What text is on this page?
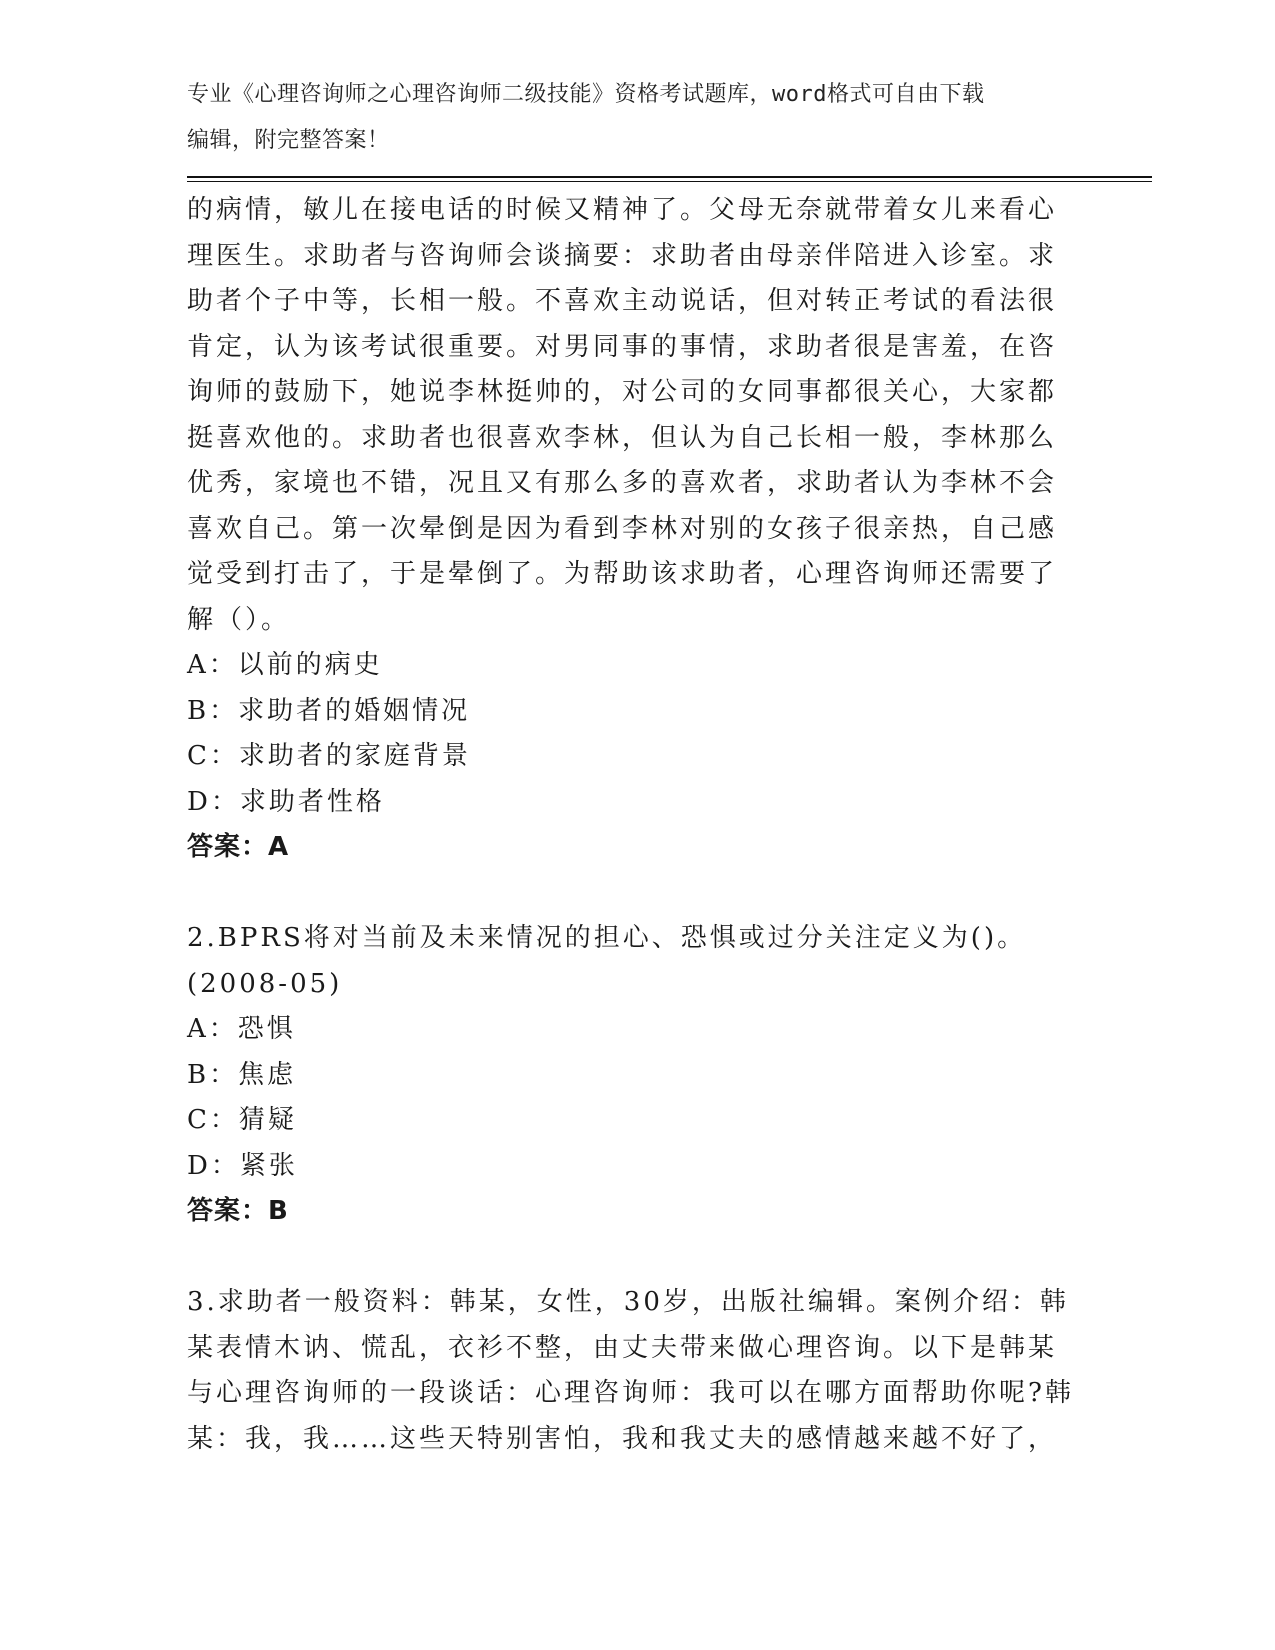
专业《心理咨询师之心理咨询师二级技能》资格考试题库，word格式可自由下载
编辑，附完整答案！
的病情，敏儿在接电话的时候又精神了。父母无奈就带着女儿来看心
理医生。求助者与咨询师会谈摘要：求助者由母亲伴陪进入诊室。求
助者个子中等，长相一般。不喜欢主动说话，但对转正考试的看法很
肯定，认为该考试很重要。对男同事的事情，求助者很是害羞，在咨
询师的鼓励下，她说李林挺帅的，对公司的女同事都很关心，大家都
挺喜欢他的。求助者也很喜欢李林，但认为自己长相一般，李林那么
优秀，家境也不错，况且又有那么多的喜欢者，求助者认为李林不会
喜欢自己。第一次晕倒是因为看到李林对别的女孩子很亲热，自己感
觉受到打击了，于是晕倒了。为帮助该求助者，心理咨询师还需要了
解（）。
A：以前的病史
B：求助者的婚姻情况
C：求助者的家庭背景
D：求助者性格
答案：A
2.BPRS将对当前及未来情况的担心、恐惧或过分关注定义为()。
(2008-05)
A：恐惧
B：焦虑
C：猜疑
D：紧张
答案：B
3.求助者一般资料：韩某，女性，30岁，出版社编辑。案例介绍：韩
某表情木讷、慌乱，衣衫不整，由丈夫带来做心理咨询。以下是韩某
与心理咨询师的一段谈话：心理咨询师：我可以在哪方面帮助你呢?韩
某：我，我……这些天特别害怕，我和我丈夫的感情越来越不好了，
